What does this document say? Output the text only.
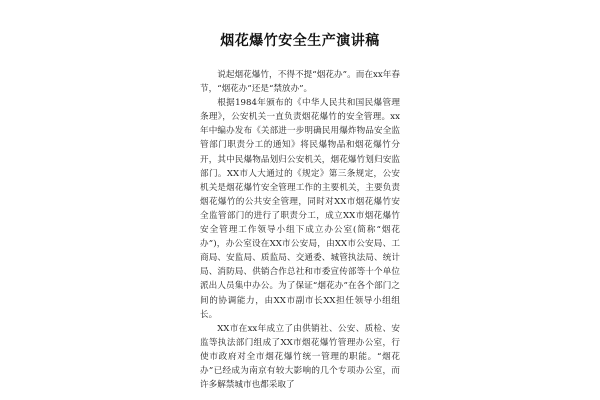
烟花爆竹安全生产演讲稿

说起烟花爆竹，不得不提“烟花办”。而在xx年春节，“烟花办”还是“禁放办”。

根据1984年颁布的《中华人民共和国民爆管理条理》，公安机关一直负责烟花爆竹的安全管理。xx年中编办发布《关部进一步明确民用爆炸物品安全监管部门职责分工的通知》将民爆物品和烟花爆竹分开，其中民爆物品划归公安机关，烟花爆竹划归安监部门。XX市人大通过的《规定》第三条规定，公安机关是烟花爆竹安全管理工作的主要机关，主要负责烟花爆竹的公共安全管理，同时对XX市烟花爆竹安全监管部门的进行了职责分工，成立XX市烟花爆竹安全管理工作领导小组下成立办公室(简称“烟花办”)，办公室设在XX市公安局，由XX市公安局、工商局、安监局、质监局、交通委、城管执法局、统计局、消防局、供销合作总社和市委宣传部等十个单位派出人员集中办公。为了保证“烟花办”在各个部门之间的协调能力，由XX市副市长XX担任领导小组组长。

XX市在xx年成立了由供销社、公安、质检、安监等执法部门组成了XX市烟花爆竹管理办公室，行使市政府对全市烟花爆竹统一管理的职能。“烟花办”已经成为南京有较大影响的几个专项办公室，而许多解禁城市也都采取了
